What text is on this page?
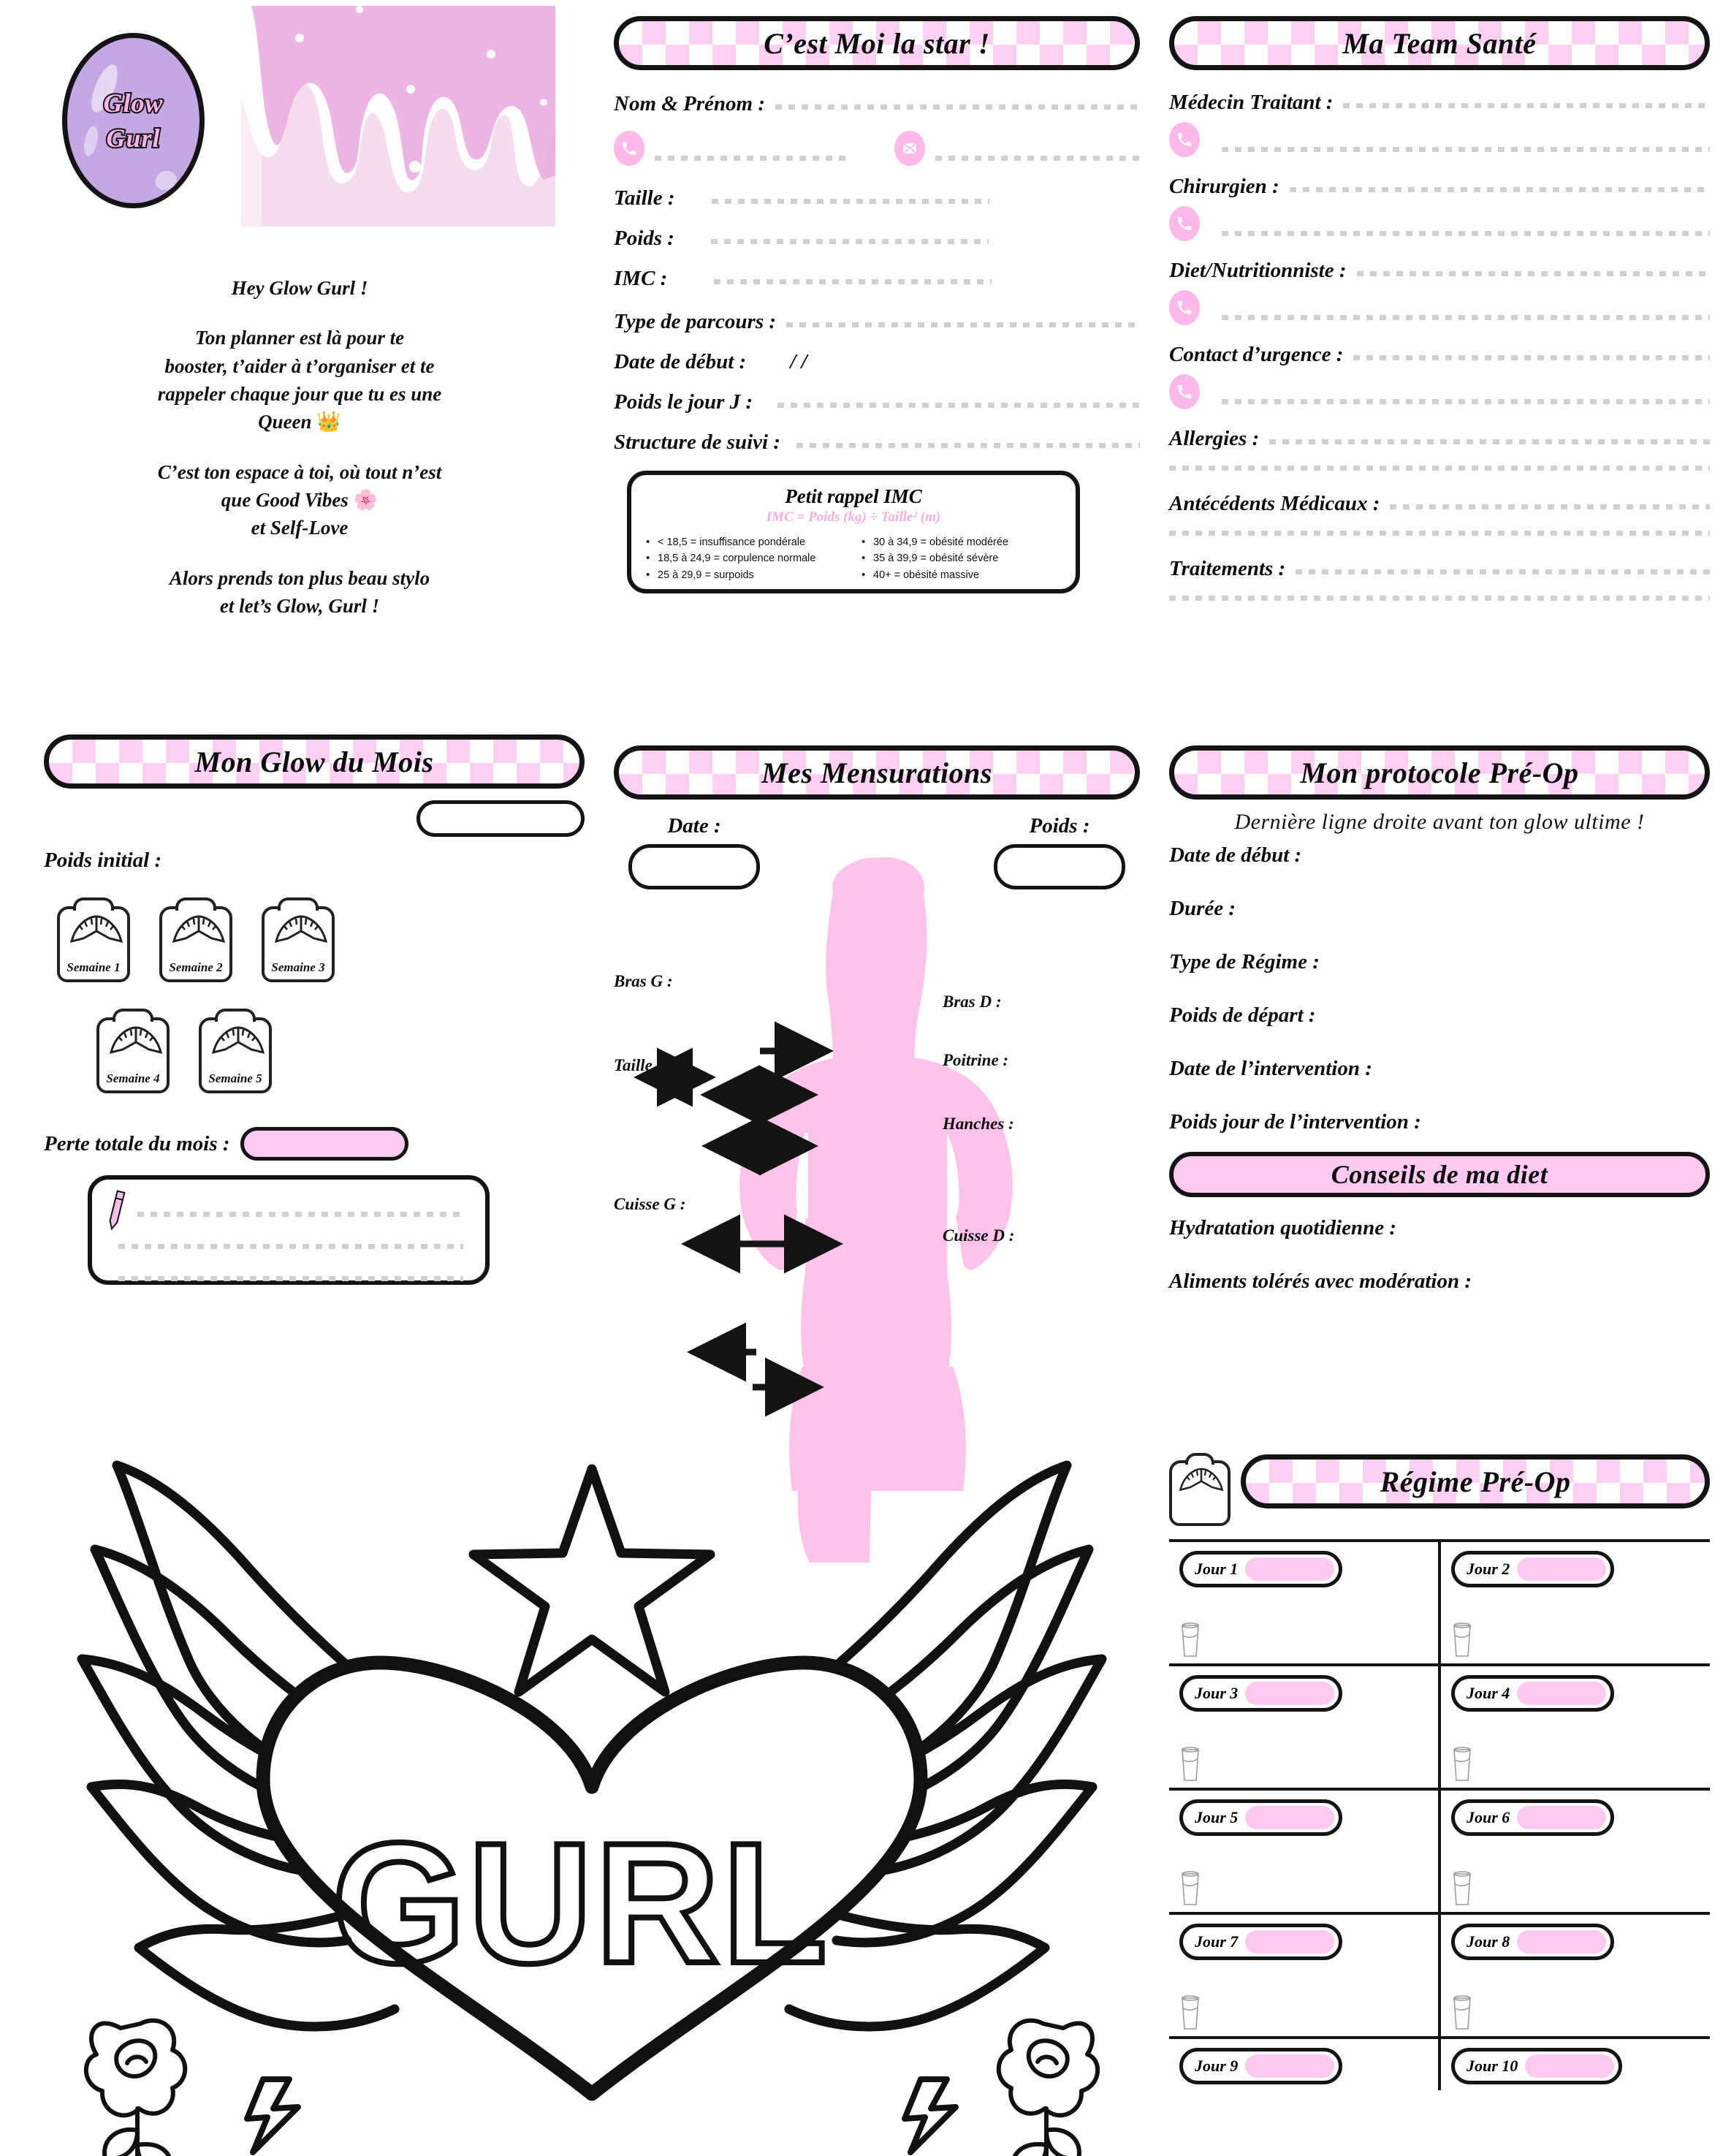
Glow
Gurl

Hey Glow Gurl !

Ton planner est là pour te
booster, t’aider à t’organiser et te
rappeler chaque jour que tu es une
Queen 👑

C’est ton espace à toi, où tout n’est
que Good Vibes 🌸
et Self-Love

Alors prends ton plus beau stylo
et let’s Glow, Gurl !

C’est Moi la star !
Nom & Prénom :
Taille :
Poids :
IMC :
Type de parcours :
Date de début : / /
Poids le jour J :
Structure de suivi :
Petit rappel IMC
IMC = Poids (kg) ÷ Taille² (m)
• < 18,5 = insuffisance pondérale
• 18,5 à 24,9 = corpulence normale
• 25 à 29,9 = surpoids
• 30 à 34,9 = obésité modérée
• 35 à 39,9 = obésité sévère
• 40+ = obésité massive
Ma Team Santé
Médecin Traitant :
Chirurgien :
Diet/Nutritionniste :
Contact d’urgence :
Allergies :
Antécédents Médicaux :
Traitements :
Mon Glow du Mois
Poids initial :
Semaine 1	Semaine 2	Semaine 3
Semaine 4	Semaine 5
Perte totale du mois :
Mes Mensurations
Date :	Poids :
Bras G :
Bras D :
Taille :	Poitrine :
Hanches :
Cuisse G :
Cuisse D :
Mon protocole Pré-Op
Dernière ligne droite avant ton glow ultime !
Date de début :
Durée :
Type de Régime :
Poids de départ :
Date de l’intervention :
Poids jour de l’intervention :
Conseils de ma diet
Hydratation quotidienne :
Aliments tolérés avec modération :
Régime Pré-Op
Jour 1	Jour 2
Jour 3	Jour 4
Jour 5	Jour 6
Jour 7	Jour 8
Jour 9	Jour 10
GURL
